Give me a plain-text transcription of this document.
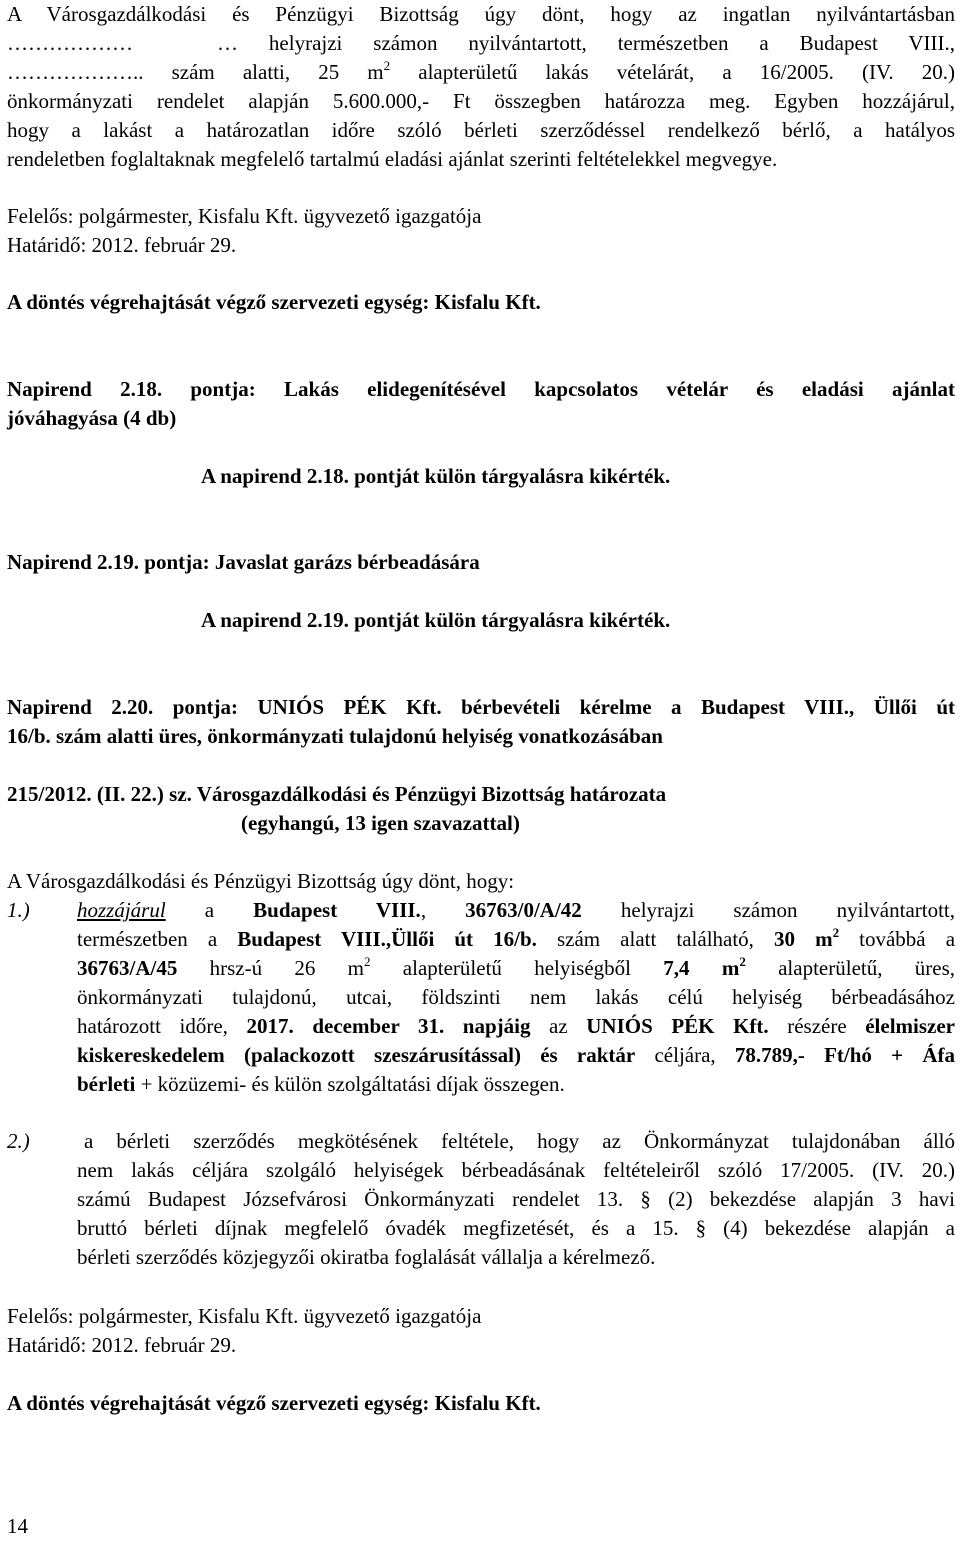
A Városgazdálkodási és Pénzügyi Bizottság úgy dönt, hogy az ingatlan nyilvántartásban
………………	… helyrajzi számon nyilvántartott, természetben a Budapest VIII.,
……………….. szám alatti, 25 $m^2$ alapterületű lakás vételárát, a 16/2005. (IV. 20.)
önkormányzati rendelet alapján 5.600.000,- Ft összegben határozza meg. Egyben hozzájárul,
hogy a lakást a határozatlan időre szóló bérleti szerződéssel rendelkező bérlő, a hatályos
rendeletben foglaltaknak megfelelő tartalmú eladási ajánlat szerinti feltételekkel megvegye.
Felelős: polgármester, Kisfalu Kft. ügyvezető igazgatója
Határidő: 2012. február 29.
A döntés végrehajtását végző szervezeti egység: Kisfalu Kft.
Napirend 2.18. pontja: Lakás elidegenítésével kapcsolatos vételár és eladási ajánlat
jóváhagyása (4 db)
A napirend 2.18. pontját külön tárgyalásra kikérték.
Napirend 2.19. pontja: Javaslat garázs bérbeadására
A napirend 2.19. pontját külön tárgyalásra kikérték.
Napirend 2.20. pontja: UNIÓS PÉK Kft. bérbevételi kérelme a Budapest VIII., Üllői út
16/b. szám alatti üres, önkormányzati tulajdonú helyiség vonatkozásában
215/2012. (II. 22.) sz. Városgazdálkodási és Pénzügyi Bizottság határozata
(egyhangú, 13 igen szavazattal)
A Városgazdálkodási és Pénzügyi Bizottság úgy dönt, hogy:
1.) hozzájárul a Budapest VIII., 36763/0/A/42 helyrajzi számon nyilvántartott,
természetben a Budapest VIII.,Üllői út 16/b. szám alatt található, 30 $m^2$ továbbá a
36763/A/45 hrsz-ú 26 $m^2$ alapterületű helyiségből 7,4 $m^2$ alapterületű, üres,
önkormányzati tulajdonú, utcai, földszinti nem lakás célú helyiség bérbeadásához
határozott időre, 2017. december 31. napjáig az UNIÓS PÉK Kft. részére élelmiszer
kiskereskedelem (palackozott szeszárusítással) és raktár céljára, 78.789,- Ft/hó + Áfa
bérleti + közüzemi- és külön szolgáltatási díjak összegen.
2.)	a bérleti szerződés megkötésének feltétele, hogy az Önkormányzat tulajdonában álló
nem lakás céljára szolgáló helyiségek bérbeadásának feltételeiről szóló 17/2005. (IV. 20.)
számú Budapest Józsefvárosi Önkormányzati rendelet 13. § (2) bekezdése alapján 3 havi
bruttó bérleti díjnak megfelelő óvadék megfizetését, és a 15. § (4) bekezdése alapján a
bérleti szerződés közjegyzői okiratba foglalását vállalja a kérelmező.
Felelős: polgármester, Kisfalu Kft. ügyvezető igazgatója
Határidő: 2012. február 29.
A döntés végrehajtását végző szervezeti egység: Kisfalu Kft.
14
